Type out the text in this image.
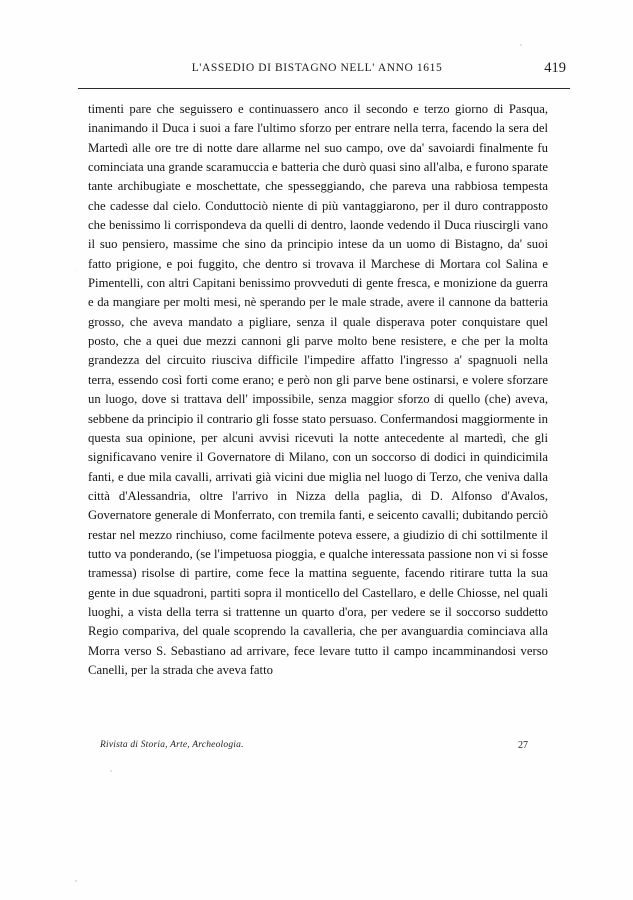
L'ASSEDIO DI BISTAGNO NELL' ANNO 1615	419

timenti pare che seguissero e continuassero anco il secondo e terzo giorno di Pasqua, inanimando il Duca i suoi a fare l'ultimo sforzo per entrare nella terra, facendo la sera del Martedì alle ore tre di notte dare allarme nel suo campo, ove da' savoiardi finalmente fu cominciata una grande scaramuccia e batteria che durò quasi sino all'alba, e furono sparate tante archibugiate e moschettate, che spesseggiando, che pareva una rabbiosa tempesta che cadesse dal cielo. Conduttociò niente di più vantaggiarono, per il duro contrapposto che benissimo li corrispondeva da quelli di dentro, laonde vedendo il Duca riuscirgli vano il suo pensiero, massime che sino da principio intese da un uomo di Bistagno, da' suoi fatto prigione, e poi fuggito, che dentro si trovava il Marchese di Mortara col Salina e Pimentelli, con altri Capitani benissimo provveduti di gente fresca, e monizione da guerra e da mangiare per molti mesi, nè sperando per le male strade, avere il cannone da batteria grosso, che aveva mandato a pigliare, senza il quale disperava poter conquistare quel posto, che a quei due mezzi cannoni gli parve molto bene resistere, e che per la molta grandezza del circuito riusciva difficile l'impedire affatto l'ingresso a' spagnuoli nella terra, essendo così forti come erano; e però non gli parve bene ostinarsi, e volere sforzare un luogo, dove si trattava dell' impossibile, senza maggior sforzo di quello (che) aveva, sebbene da principio il contrario gli fosse stato persuaso. Confermandosi maggiormente in questa sua opinione, per alcuni avvisi ricevuti la notte antecedente al martedì, che gli significavano venire il Governatore di Milano, con un soccorso di dodici in quindicimila fanti, e due mila cavalli, arrivati già vicini due miglia nel luogo di Terzo, che veniva dalla città d'Alessandria, oltre l'arrivo in Nizza della paglia, di D. Alfonso d'Avalos, Governatore generale di Monferrato, con tremila fanti, e seicento cavalli; dubitando perciò restar nel mezzo rinchiuso, come facilmente poteva essere, a giudizio di chi sottilmente il tutto va ponderando, (se l'impetuosa pioggia, e qualche interessata passione non vi si fosse tramessa) risolse di partire, come fece la mattina seguente, facendo ritirare tutta la sua gente in due squadroni, partiti sopra il monticello del Castellaro, e delle Chiosse, nel quali luoghi, a vista della terra si trattenne un quarto d'ora, per vedere se il soccorso suddetto Regio compariva, del quale scoprendo la cavalleria, che per avanguardia cominciava alla Morra verso S. Sebastiano ad arrivare, fece levare tutto il campo incamminandosi verso Canelli, per la strada che aveva fatto

Rivista di Storia, Arte, Archeologia.	27
